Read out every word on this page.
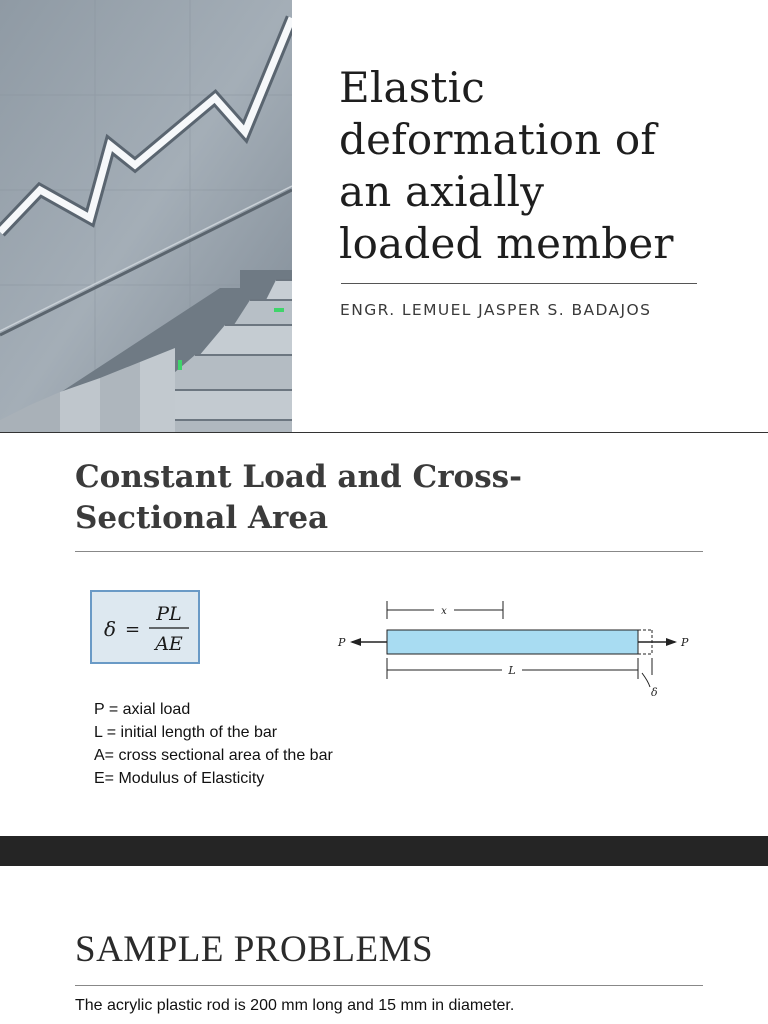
Elastic
deformation of
an axially
loaded member
ENGR. LEMUEL JASPER S. BADAJOS
Constant Load and Cross-
Sectional Area
δ =
PL
AE
P = axial load
L = initial length of the bar
A= cross sectional area of the bar
E= Modulus of Elasticity
x
P	P
L
δ
SAMPLE PROBLEMS
The acrylic plastic rod is 200 mm long and 15 mm in diameter.
